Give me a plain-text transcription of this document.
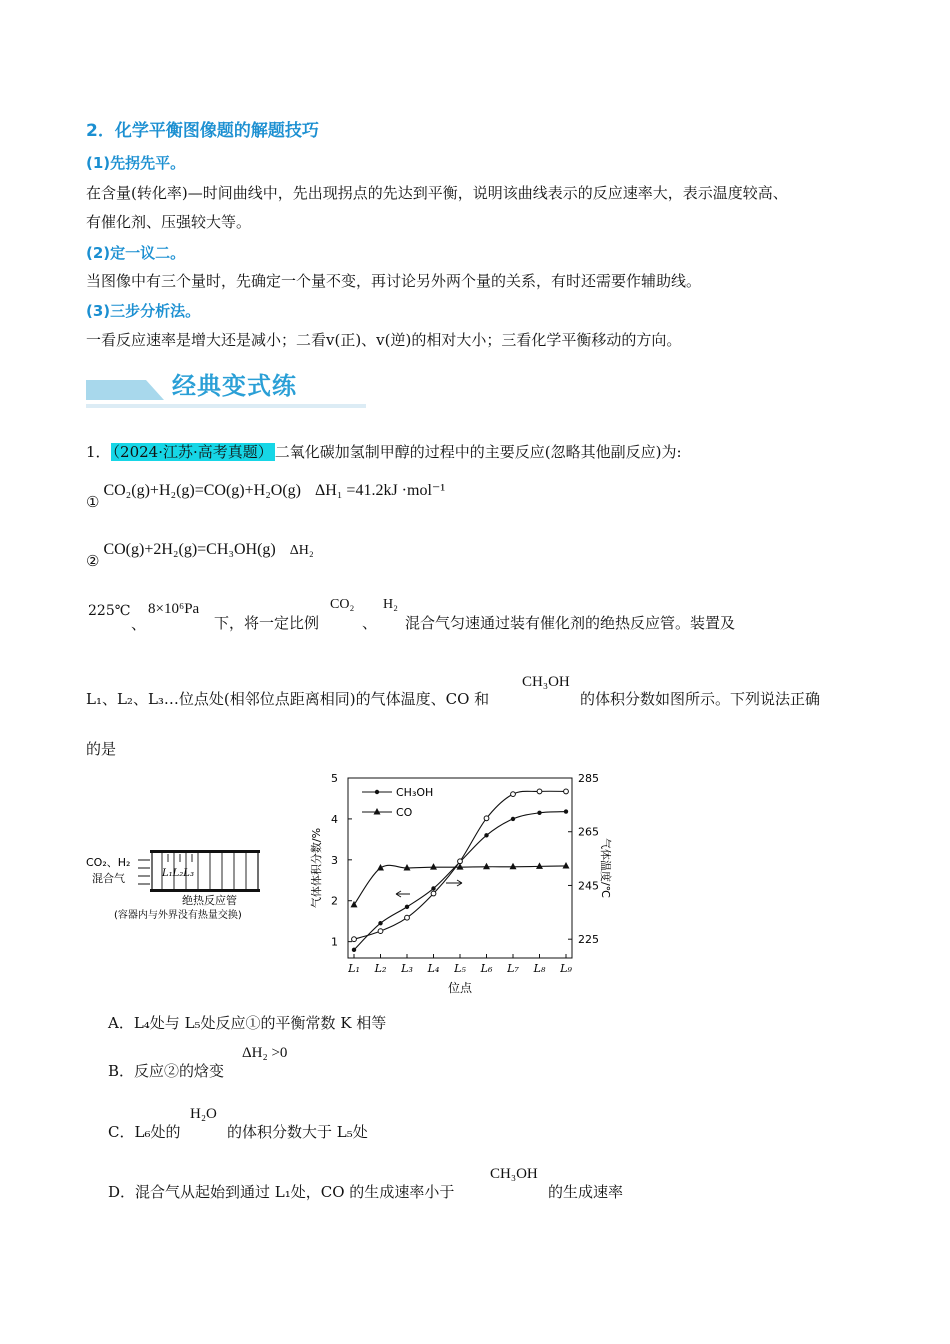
2．化学平衡图像题的解题技巧
(1)先拐先平。
在含量(转化率)—时间曲线中，先出现拐点的先达到平衡，说明该曲线表示的反应速率大，表示温度较高、
有催化剂、压强较大等。
(2)定一议二。
当图像中有三个量时，先确定一个量不变，再讨论另外两个量的关系，有时还需要作辅助线。
(3)三步分析法。
一看反应速率是增大还是减小；二看v(正)、v(逆)的相对大小；三看化学平衡移动的方向。
经典变式练
1． （2024·江苏·高考真题） 二氧化碳加氢制甲醇的过程中的主要反应(忽略其他副反应)为:
① CO₂(g)+H₂(g)=CO(g)+H₂O(g) ΔH₁ =41.2kJ ·mol⁻¹
② CO(g)+2H₂(g)=CH₃OH(g) ΔH₂
225℃
、
8×10⁶Pa
下，将一定比例
CO₂
、
H₂
混合气匀速通过装有催化剂的绝热反应管。装置及
L₁、L₂、L₃…位点处(相邻位点距离相同)的气体温度、CO 和
CH₃OH
的体积分数如图所示。下列说法正确
的是
CO₂、H₂
混合气	L₁L₂L₃
绝热反应管
(容器内与外界没有热量交换)
1
2
3
4
5
225
245
265
285
L₁ L₂ L₃ L₄ L₅ L₆ L₇ L₈ L₉
位点
气体体积分数/%	气体温度/℃
CH₃OH
CO
A．L₄处与 L₅处反应①的平衡常数 K 相等
B．反应②的焓变
ΔH₂ >0
C．L₆处的
H₂O
的体积分数大于 L₅处
D．混合气从起始到通过 L₁处，CO 的生成速率小于
CH₃OH
的生成速率
